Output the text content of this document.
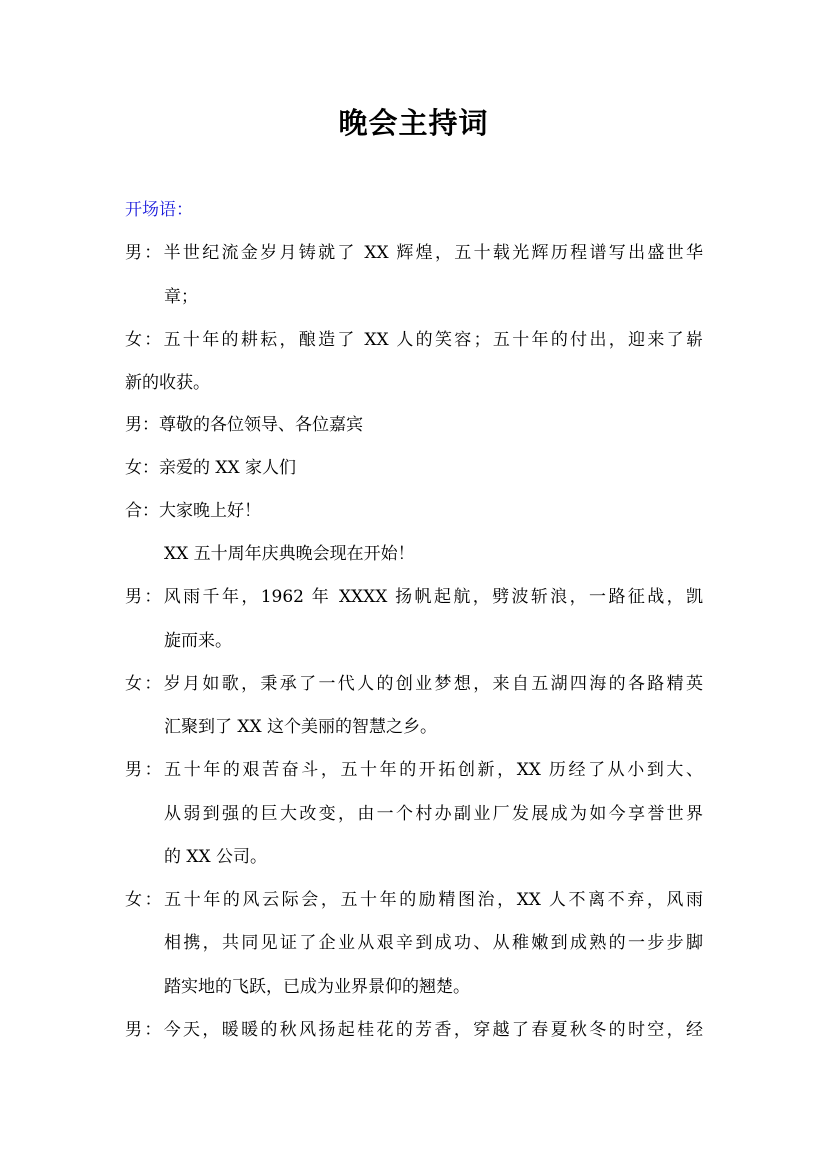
晚会主持词
开场语：
男：半世纪流金岁月铸就了 XX 辉煌，五十载光辉历程谱写出盛世华
章；
女：五十年的耕耘，酿造了 XX 人的笑容；五十年的付出，迎来了崭
新的收获。
男：尊敬的各位领导、各位嘉宾
女：亲爱的 XX 家人们
合：大家晚上好！
XX 五十周年庆典晚会现在开始！
男：风雨千年，1962 年 XXXX 扬帆起航，劈波斩浪，一路征战，凯
旋而来。
女：岁月如歌，秉承了一代人的创业梦想，来自五湖四海的各路精英
汇聚到了 XX 这个美丽的智慧之乡。
男：五十年的艰苦奋斗，五十年的开拓创新，XX 历经了从小到大、
从弱到强的巨大改变，由一个村办副业厂发展成为如今享誉世界
的 XX 公司。
女：五十年的风云际会，五十年的励精图治，XX 人不离不弃，风雨
相携，共同见证了企业从艰辛到成功、从稚嫩到成熟的一步步脚
踏实地的飞跃，已成为业界景仰的翘楚。
男：今天，暖暖的秋风扬起桂花的芳香，穿越了春夏秋冬的时空，经
